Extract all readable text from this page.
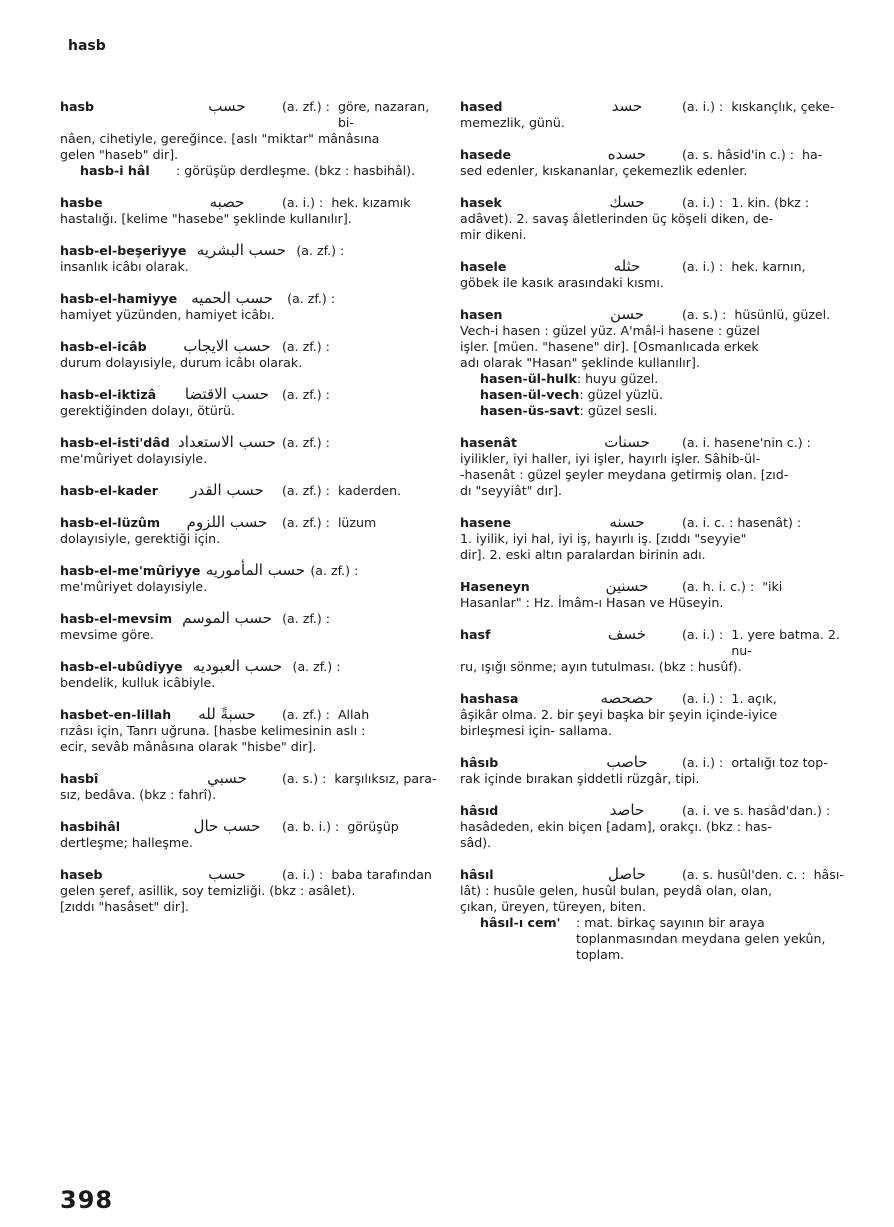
hasb
hasb	حسب	(a. zf.) : göre, nazaran, bi-

nâen, cihetiyle, gereğince. [aslı "miktar" mânâsına

gelen "haseb" dir].

hasb-i hâl	: görüşüp derdleşme. (bkz : hasbihâl).
hasbe	حصبه	(a. i.) : hek. kızamık

hastalığı. [kelime "hasebe" şeklinde kullanılır].

hasb-el-beşeriyye حسب البشريه (a. zf.) :

insanlık icâbı olarak.

hasb-el-hamiyye حسب الحميه	(a. zf.) :

hamiyet yüzünden, hamiyet icâbı.

hasb-el-icâb	حسب الايجاب (a. zf.) :

durum dolayısiyle, durum icâbı olarak.

hasb-el-iktizâ	حسب الاقتضا	(a. zf.) :

gerektiğinden dolayı, ötürü.

hasb-el-isti'dâd حسب الاستعداد (a. zf.) :

me'mûriyet dolayısiyle.

hasb-el-kader	حسب القدر	(a. zf.) : kaderden.
hasb-el-lüzûm	حسب اللزوم	(a. zf.) : lüzum

dolayısiyle, gerektiği için.

hasb-el-me'mûriyye حسب المأموريه (a. zf.) :

me'mûriyet dolayısiyle.

hasb-el-mevsim حسب الموسم (a. zf.) :

mevsime göre.

hasb-el-ubûdiyye حسب العبوديه (a. zf.) :

bendelik, kulluk icâbiyle.

hasbet-en-lillah	حسبةً لله	(a. zf.) : Allah

rızâsı için, Tanrı uğruna. [hasbe kelimesinin aslı :

ecir, sevâb mânâsına olarak "hisbe" dir].

hasbî	حسبي	(a. s.) : karşılıksız, para-

sız, bedâva. (bkz : fahrî).

hasbihâl	حسب حال	(a. b. i.) : görüşüp

dertleşme; halleşme.

haseb	حسب	(a. i.) : baba tarafından

gelen şeref, asillik, soy temizliği. (bkz : asâlet).

[zıddı "hasâset" dir].

hased	حسد	(a. i.) : kıskançlık, çeke-

memezlik, günü.

hasede	حسده	(a. s. hâsid'in c.) : ha-

sed edenler, kıskananlar, çekemezlik edenler.

hasek	حسك	(a. i.) : 1. kin. (bkz :

adâvet). 2. savaş âletlerinden üç köşeli diken, de-

mir dikeni.

hasele	حثله	(a. i.) : hek. karnın,

göbek ile kasık arasındaki kısmı.

hasen	حسن	(a. s.) : hüsünlü, güzel.

Vech-i hasen : güzel yüz. A'mâl-i hasene : güzel

işler. [müen. "hasene" dir]. [Osmanlıcada erkek

adı olarak "Hasan" şeklinde kullanılır].

hasen-ül-hulk : huyu güzel.
hasen-ül-vech : güzel yüzlü.
hasen-üs-savt : güzel sesli.
hasenât	حسنات	(a. i. hasene'nin c.) :

iyilikler, iyi haller, iyi işler, hayırlı işler. Sâhib-ül-

-hasenât : güzel şeyler meydana getirmiş olan. [zıd-

dı "seyyiât" dır].

hasene	حسنه	(a. i. c. : hasenât) :

1. iyilik, iyi hal, iyi iş, hayırlı iş. [zıddı "seyyie"

dir]. 2. eski altın paralardan birinin adı.

Haseneyn	حسنين	(a. h. i. c.) : "iki

Hasanlar" : Hz. İmâm-ı Hasan ve Hüseyin.

hasf	خسف	(a. i.) : 1. yere batma. 2. nu-

ru, ışığı sönme; ayın tutulması. (bkz : husûf).

hashasa	حصحصه	(a. i.) : 1. açık,

âşikâr olma. 2. bir şeyi başka bir şeyin içinde-iyice

birleşmesi için- sallama.

hâsıb	حاصب	(a. i.) : ortalığı toz top-

rak içinde bırakan şiddetli rüzgâr, tipi.

hâsıd	حاصد	(a. i. ve s. hasâd'dan.) :

hasâdeden, ekin biçen [adam], orakçı. (bkz : has-

sâd).

hâsıl	حاصل	(a. s. husûl'den. c. : hâsı-

lât) : husûle gelen, husûl bulan, peydâ olan, olan,

çıkan, üreyen, türeyen, biten.

hâsıl-ı cem'	: mat. birkaç sayının bir araya toplanmasından meydana gelen yekûn, toplam.
398
